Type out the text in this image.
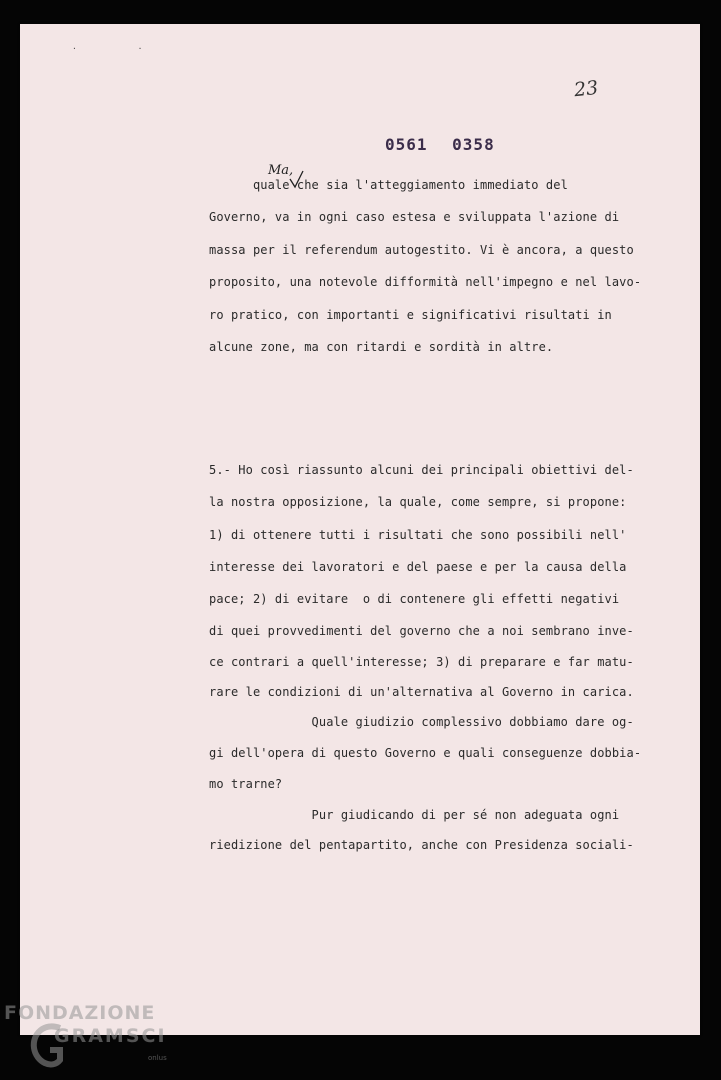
· ·
23
0561 0358
Ma,
quale che sia l'atteggiamento immediato del
Governo, va in ogni caso estesa e sviluppata l'azione di
massa per il referendum autogestito. Vi è ancora, a questo
proposito, una notevole difformità nell'impegno e nel lavo-
ro pratico, con importanti e significativi risultati in
alcune zone, ma con ritardi e sordità in altre.
5.- Ho così riassunto alcuni dei principali obiettivi del-
la nostra opposizione, la quale, come sempre, si propone:
1) di ottenere tutti i risultati che sono possibili nell'
interesse dei lavoratori e del paese e per la causa della
pace; 2) di evitare  o di contenere gli effetti negativi
di quei provvedimenti del governo che a noi sembrano inve-
ce contrari a quell'interesse; 3) di preparare e far matu-
rare le condizioni di un'alternativa al Governo in carica.
Quale giudizio complessivo dobbiamo dare og-
gi dell'opera di questo Governo e quali conseguenze dobbia-
mo trarne?
Pur giudicando di per sé non adeguata ogni
riedizione del pentapartito, anche con Presidenza sociali-
FONDAZIONE
GRAMSCI
onlus
